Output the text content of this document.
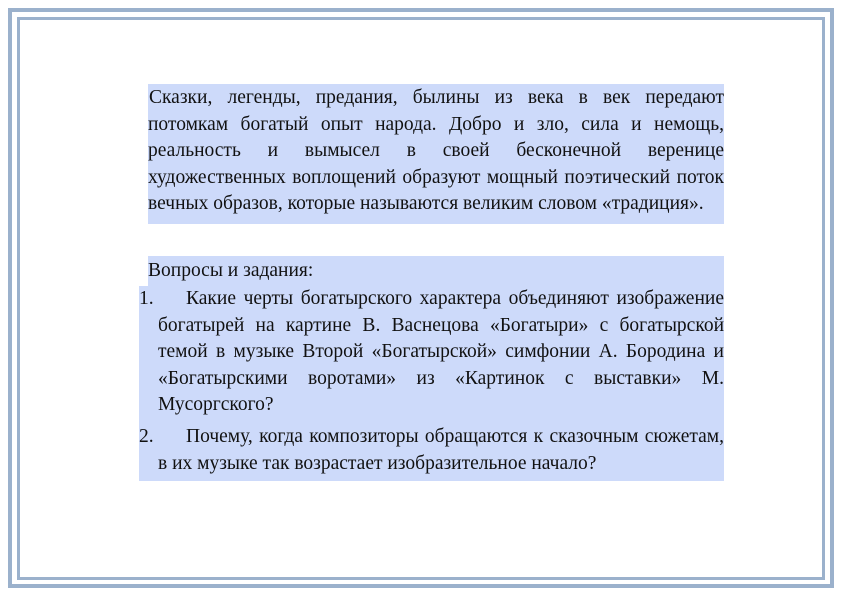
Сказки, легенды, предания, былины из века в век передают потомкам богатый опыт народа. Добро и зло, сила и немощь, реальность и вымысел в своей бесконечной веренице художественных воплощений образуют мощный поэтический поток вечных образов, которые называются великим словом «традиция».
Вопросы и задания:
1.	Какие черты богатырского характера объединяют изображение богатырей на картине В. Васнецова «Богатыри» с богатырской темой в музыке Второй «Богатырской» симфонии А. Бородина и «Богатырскими воротами» из «Картинок с выставки» М. Мусоргского?
2.	Почему, когда композиторы обращаются к сказочным сюжетам, в их музыке так возрастает изобразительное начало?
